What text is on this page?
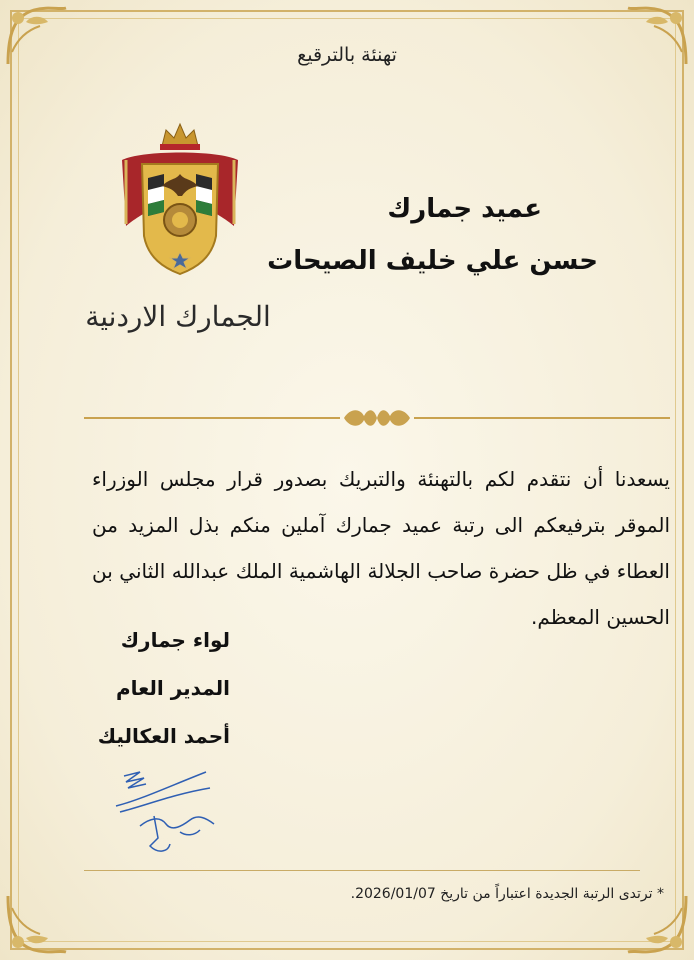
تهنئة بالترقيع
الجمارك الاردنية
عميد جمارك
حسن علي خليف الصيحات
يسعدنا أن نتقدم لكم بالتهنئة والتبريك بصدور قرار مجلس الوزراء الموقر بترفيعكم الى رتبة عميد جمارك آملين منكم بذل المزيد من العطاء في ظل حضرة صاحب الجلالة الهاشمية الملك عبدالله الثاني بن الحسين المعظم.
لواء جمارك
المدير العام
أحمد العكاليك
* ترتدى الرتبة الجديدة اعتباراً من تاريخ 2026/01/07.
